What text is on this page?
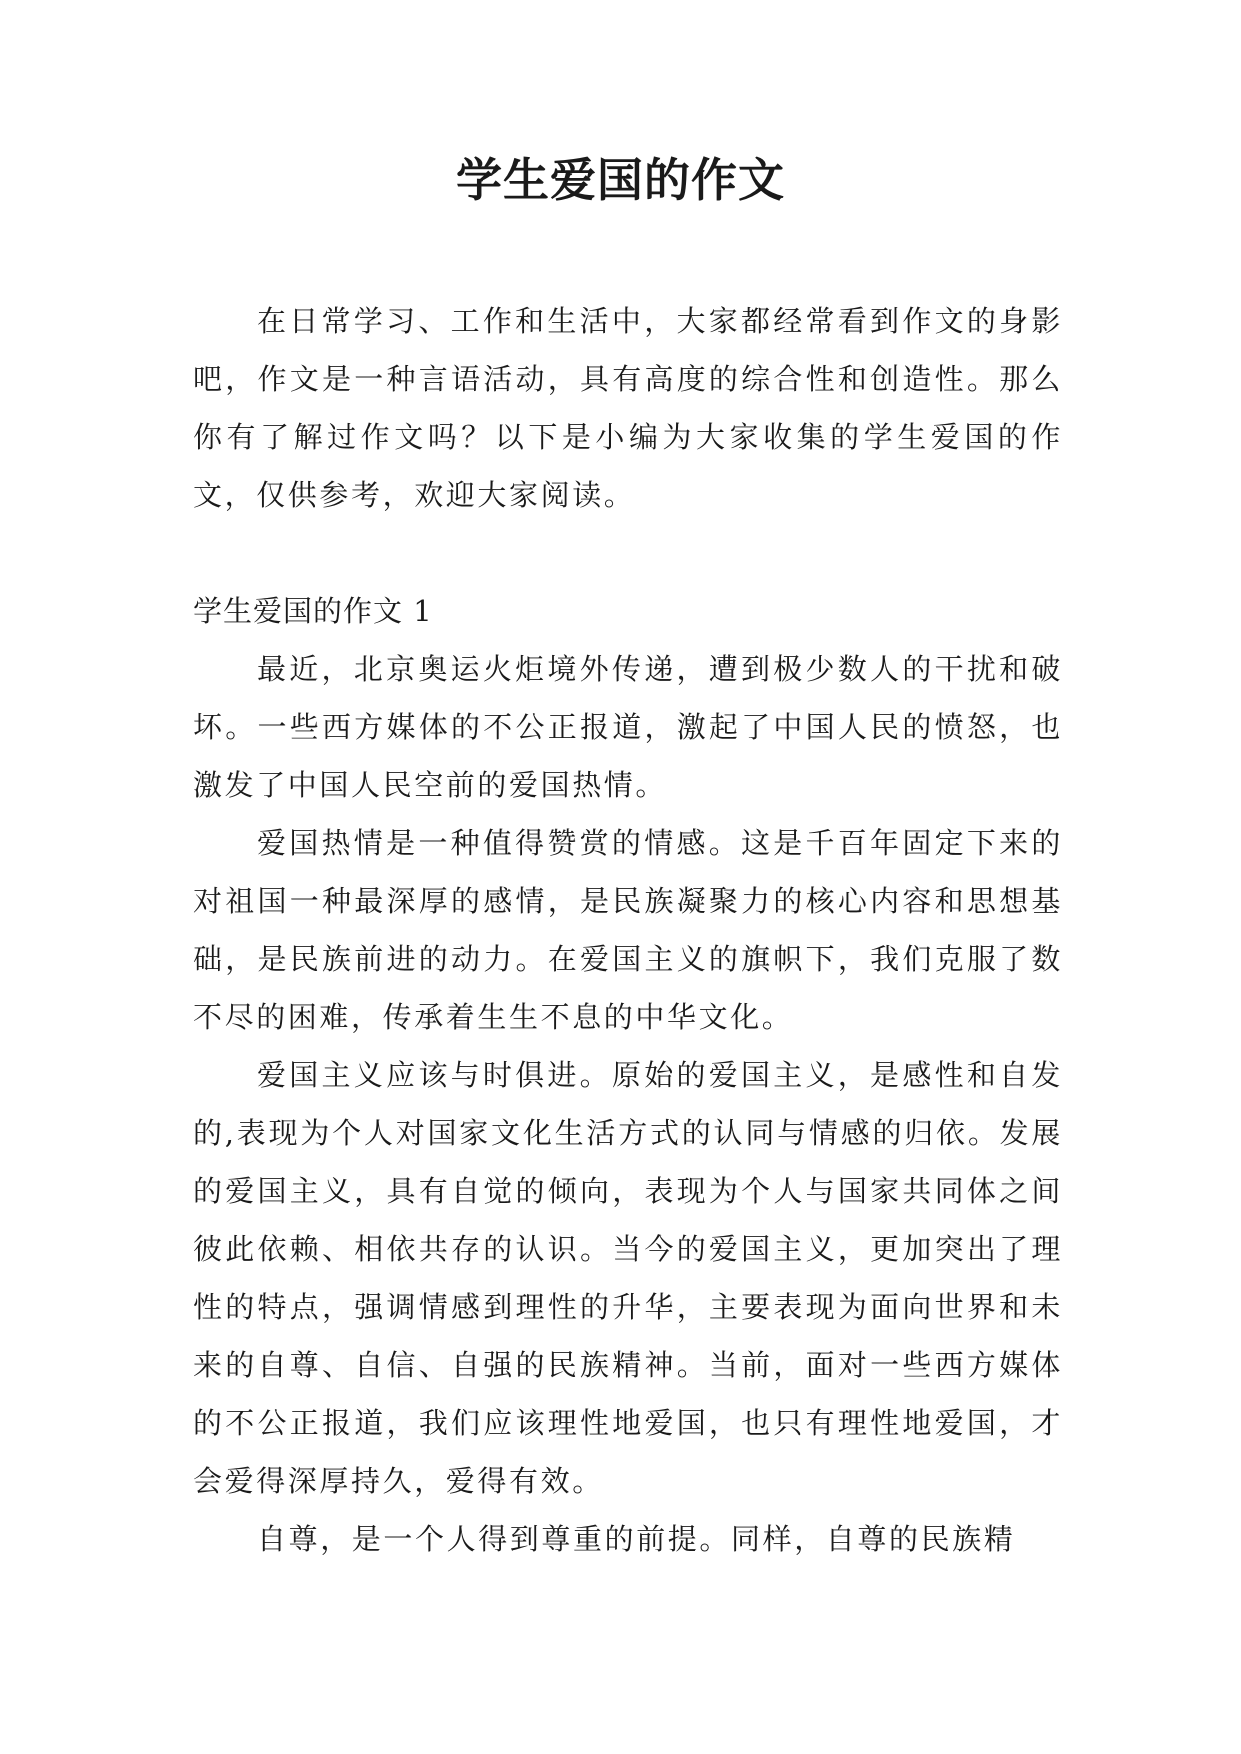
学生爱国的作文

在日常学习、工作和生活中，大家都经常看到作文的身影吧，作文是一种言语活动，具有高度的综合性和创造性。那么你有了解过作文吗？以下是小编为大家收集的学生爱国的作文，仅供参考，欢迎大家阅读。

学生爱国的作文 1

最近，北京奥运火炬境外传递，遭到极少数人的干扰和破坏。一些西方媒体的不公正报道，激起了中国人民的愤怒，也激发了中国人民空前的爱国热情。

爱国热情是一种值得赞赏的情感。这是千百年固定下来的对祖国一种最深厚的感情，是民族凝聚力的核心内容和思想基础，是民族前进的动力。在爱国主义的旗帜下，我们克服了数不尽的困难，传承着生生不息的中华文化。

爱国主义应该与时俱进。原始的爱国主义，是感性和自发的,表现为个人对国家文化生活方式的认同与情感的归依。发展的爱国主义，具有自觉的倾向，表现为个人与国家共同体之间彼此依赖、相依共存的认识。当今的爱国主义，更加突出了理性的特点，强调情感到理性的升华，主要表现为面向世界和未来的自尊、自信、自强的民族精神。当前，面对一些西方媒体的不公正报道，我们应该理性地爱国，也只有理性地爱国，才会爱得深厚持久，爱得有效。

自尊，是一个人得到尊重的前提。同样，自尊的民族精
